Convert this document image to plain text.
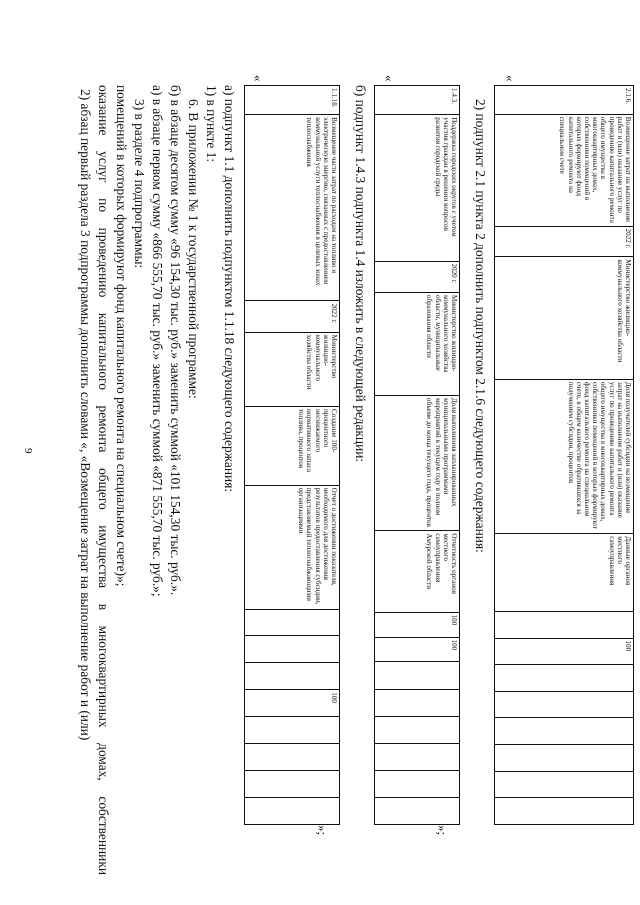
9	2) абзац первый раздела 3 подпрограммы дополнить словами «, «Возмещение затрат на выполнение работ и (или) оказание услуг по проведению капитального ремонта общего имущества в многоквартирных домах, собственники помещений в которых формируют фонд капитального ремонта на специальном счете)»; 3) в разделе 4 подпрограммы: а) в абзаце первом сумму «866 555,70 тыс. руб.» заменить суммой «871 555,70 тыс. руб.»; б) в абзаце десятом сумму «96 154,30 тыс. руб.» заменить суммой «101 154,30 тыс. руб.». 6. В приложении № 1 к государственной программе: 1) в пункте 1: а) подпункт 1.1 дополнить подпунктом 1.1.18 следующего содержания:
«
1.1.18.	Возмещение части затрат по расходам на топливо и электрическую энергию, связанных с предоставлением коммунальной услуги теплоснабжения в целевых зонах теплоснабжения	2022 г.	Министерство жилищно-коммунального хозяйства области	Создание 100-процентного неснижаемого нормативного запаса топлива, процентов	Отчет о достижении показателя, необходимого для достижения результатов предоставления субсидии, представляемый теплоснабжающими организациями				100				
»;
б) подпункт 1.4.3 подпункта 1.4 изложить в следующей редакции:
«
1.4.3.	Поддержка городских округов с учетом участия граждан в решении вопросов развития городской среды	2020 г.	Министерство жилищно-коммунального хозяйства области, муниципальные образования области	Доля выполнения запланированных муниципальными программами мероприятий в текущем году в полном объеме до конца текущего года, процентов	Отчетность органов местного самоуправления Амурской области	100	100						
»;
2) подпункт 2.1 пункта 2 дополнить подпунктом 2.1.6 следующего содержания:
«
2.1.6.	Возмещение затрат на выполнение работ и (или) оказание услуг по проведению капитального ремонта общего имущества в многоквартирных домах, собственники помещений в которых формируют фонд капитального ремонта на специальном счете	2022 г.	Министерство жилищно-коммунального хозяйства области	Доля получателей субсидии на возмещение затрат на выполнение работ и (или) оказание услуг по проведению капитального ремонта общего имущества в многоквартирных домах, собственники помещений в которых формируют фонд капитального ремонта на специальном счете, в общем количестве обратившихся за получением субсидии, процентов	Данные органов местного самоуправления		100						
